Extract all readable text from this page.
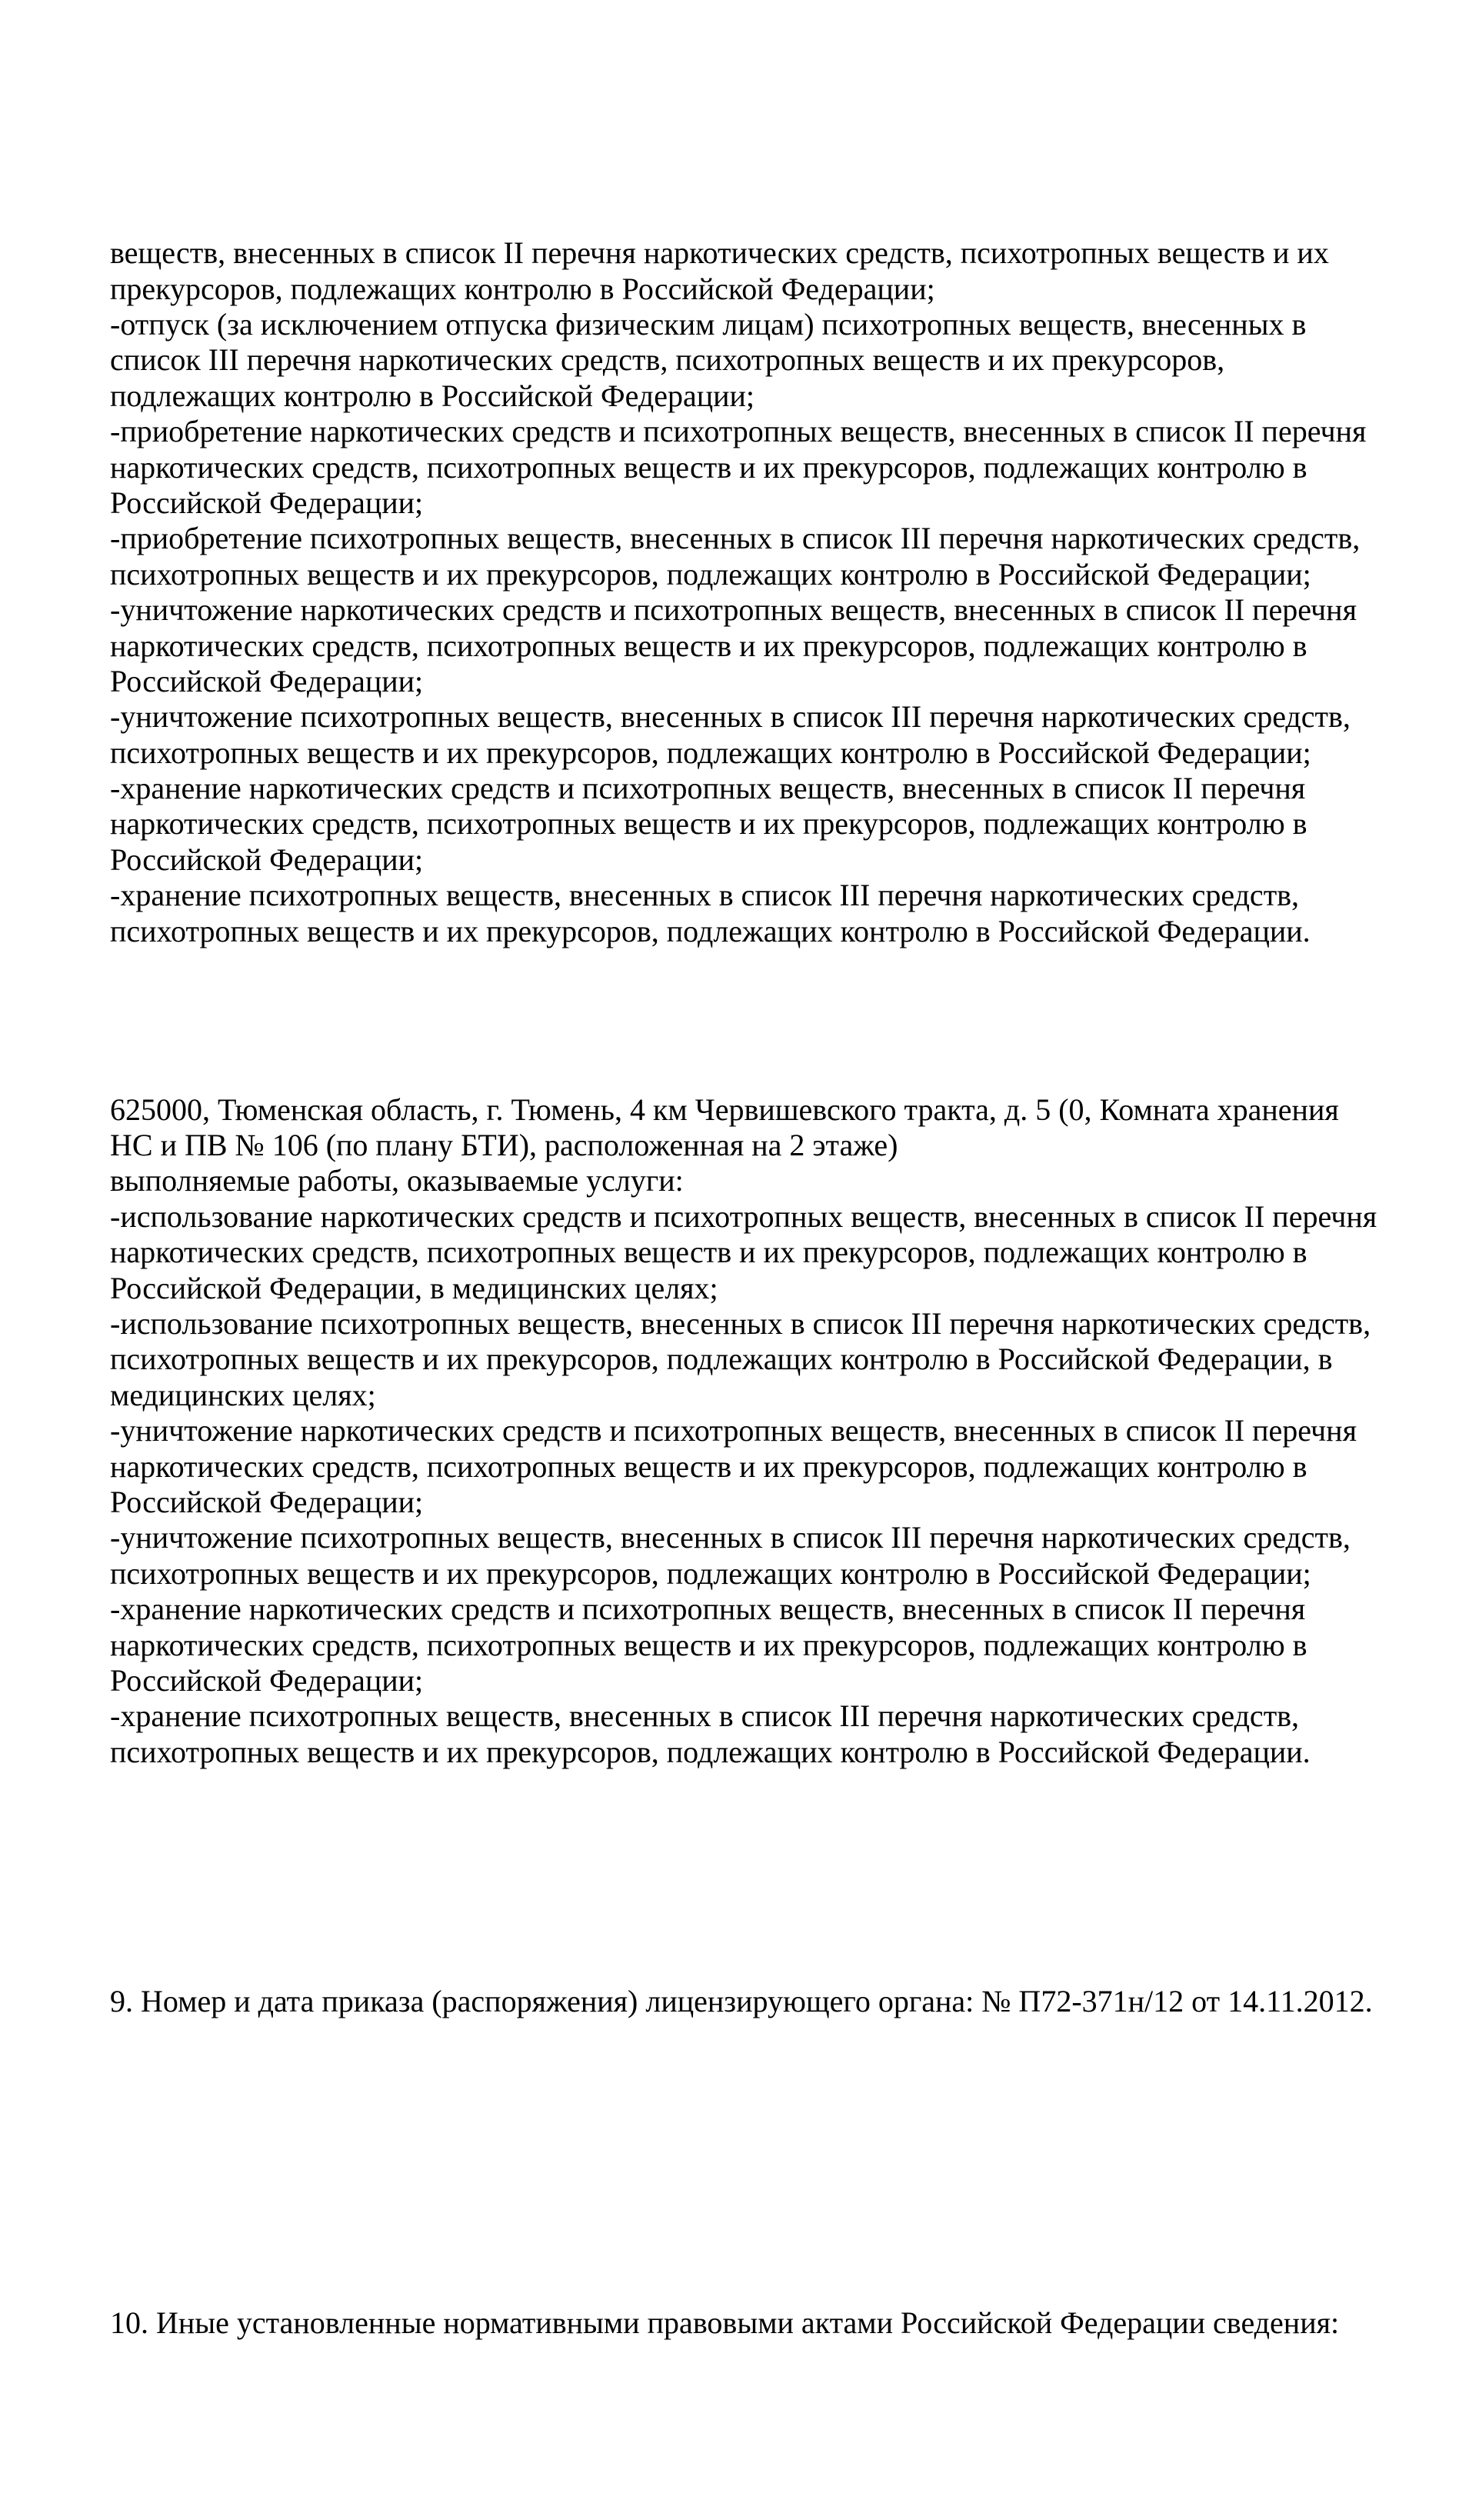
веществ, внесенных в список II перечня наркотических средств, психотропных веществ и их
прекурсоров, подлежащих контролю в Российской Федерации;
-отпуск (за исключением отпуска физическим лицам) психотропных веществ, внесенных в
список III перечня наркотических средств, психотропных веществ и их прекурсоров,
подлежащих контролю в Российской Федерации;
-приобретение наркотических средств и психотропных веществ, внесенных в список II перечня
наркотических средств, психотропных веществ и их прекурсоров, подлежащих контролю в
Российской Федерации;
-приобретение психотропных веществ, внесенных в список III перечня наркотических средств,
психотропных веществ и их прекурсоров, подлежащих контролю в Российской Федерации;
-уничтожение наркотических средств и психотропных веществ, внесенных в список II перечня
наркотических средств, психотропных веществ и их прекурсоров, подлежащих контролю в
Российской Федерации;
-уничтожение психотропных веществ, внесенных в список III перечня наркотических средств,
психотропных веществ и их прекурсоров, подлежащих контролю в Российской Федерации;
-хранение наркотических средств и психотропных веществ, внесенных в список II перечня
наркотических средств, психотропных веществ и их прекурсоров, подлежащих контролю в
Российской Федерации;
-хранение психотропных веществ, внесенных в список III перечня наркотических средств,
психотропных веществ и их прекурсоров, подлежащих контролю в Российской Федерации.

625000, Тюменская область, г. Тюмень, 4 км Червишевского тракта, д. 5 (0, Комната хранения
НС и ПВ № 106 (по плану БТИ), расположенная на 2 этаже)
выполняемые работы, оказываемые услуги:
-использование наркотических средств и психотропных веществ, внесенных в список II перечня
наркотических средств, психотропных веществ и их прекурсоров, подлежащих контролю в
Российской Федерации, в медицинских целях;
-использование психотропных веществ, внесенных в список III перечня наркотических средств,
психотропных веществ и их прекурсоров, подлежащих контролю в Российской Федерации, в
медицинских целях;
-уничтожение наркотических средств и психотропных веществ, внесенных в список II перечня
наркотических средств, психотропных веществ и их прекурсоров, подлежащих контролю в
Российской Федерации;
-уничтожение психотропных веществ, внесенных в список III перечня наркотических средств,
психотропных веществ и их прекурсоров, подлежащих контролю в Российской Федерации;
-хранение наркотических средств и психотропных веществ, внесенных в список II перечня
наркотических средств, психотропных веществ и их прекурсоров, подлежащих контролю в
Российской Федерации;
-хранение психотропных веществ, внесенных в список III перечня наркотических средств,
психотропных веществ и их прекурсоров, подлежащих контролю в Российской Федерации.

9. Номер и дата приказа (распоряжения) лицензирующего органа: № П72-371н/12 от 14.11.2012.

10. Иные установленные нормативными правовыми актами Российской Федерации сведения:
